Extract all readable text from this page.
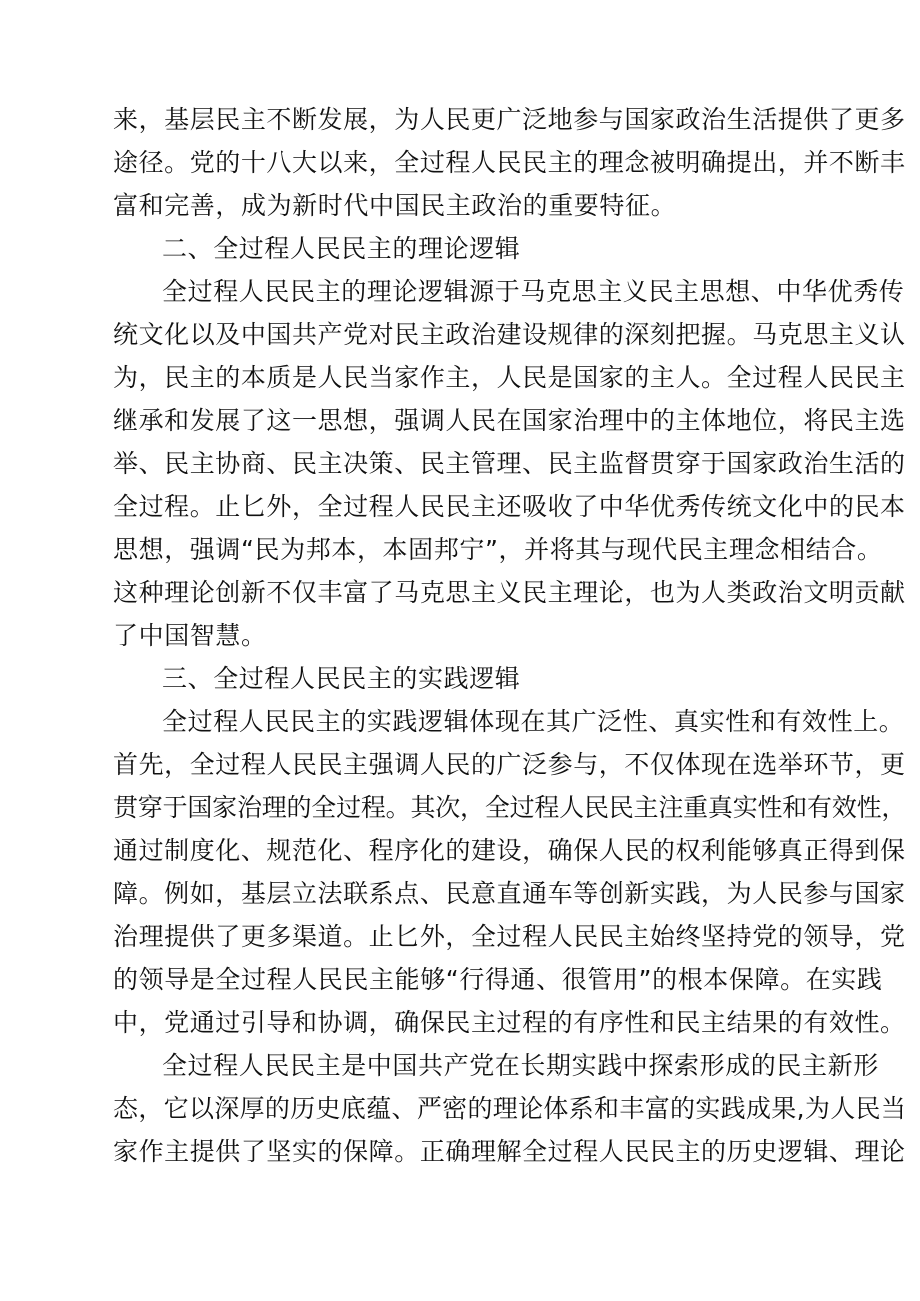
来，基层民主不断发展，为人民更广泛地参与国家政治生活提供了更多
途径。党的十八大以来，全过程人民民主的理念被明确提出，并不断丰
富和完善，成为新时代中国民主政治的重要特征。
二、全过程人民民主的理论逻辑
全过程人民民主的理论逻辑源于马克思主义民主思想、中华优秀传
统文化以及中国共产党对民主政治建设规律的深刻把握。马克思主义认
为，民主的本质是人民当家作主，人民是国家的主人。全过程人民民主
继承和发展了这一思想，强调人民在国家治理中的主体地位，将民主选
举、民主协商、民主决策、民主管理、民主监督贯穿于国家政治生活的
全过程。止匕外，全过程人民民主还吸收了中华优秀传统文化中的民本
思想，强调“民为邦本，本固邦宁”，并将其与现代民主理念相结合。
这种理论创新不仅丰富了马克思主义民主理论，也为人类政治文明贡献
了中国智慧。
三、全过程人民民主的实践逻辑
全过程人民民主的实践逻辑体现在其广泛性、真实性和有效性上。
首先，全过程人民民主强调人民的广泛参与，不仅体现在选举环节，更
贯穿于国家治理的全过程。其次，全过程人民民主注重真实性和有效性，
通过制度化、规范化、程序化的建设，确保人民的权利能够真正得到保
障。例如，基层立法联系点、民意直通车等创新实践，为人民参与国家
治理提供了更多渠道。止匕外，全过程人民民主始终坚持党的领导，党
的领导是全过程人民民主能够“行得通、很管用”的根本保障。在实践
中，党通过引导和协调，确保民主过程的有序性和民主结果的有效性。
全过程人民民主是中国共产党在长期实践中探索形成的民主新形
态，它以深厚的历史底蕴、严密的理论体系和丰富的实践成果,为人民当
家作主提供了坚实的保障。正确理解全过程人民民主的历史逻辑、理论
